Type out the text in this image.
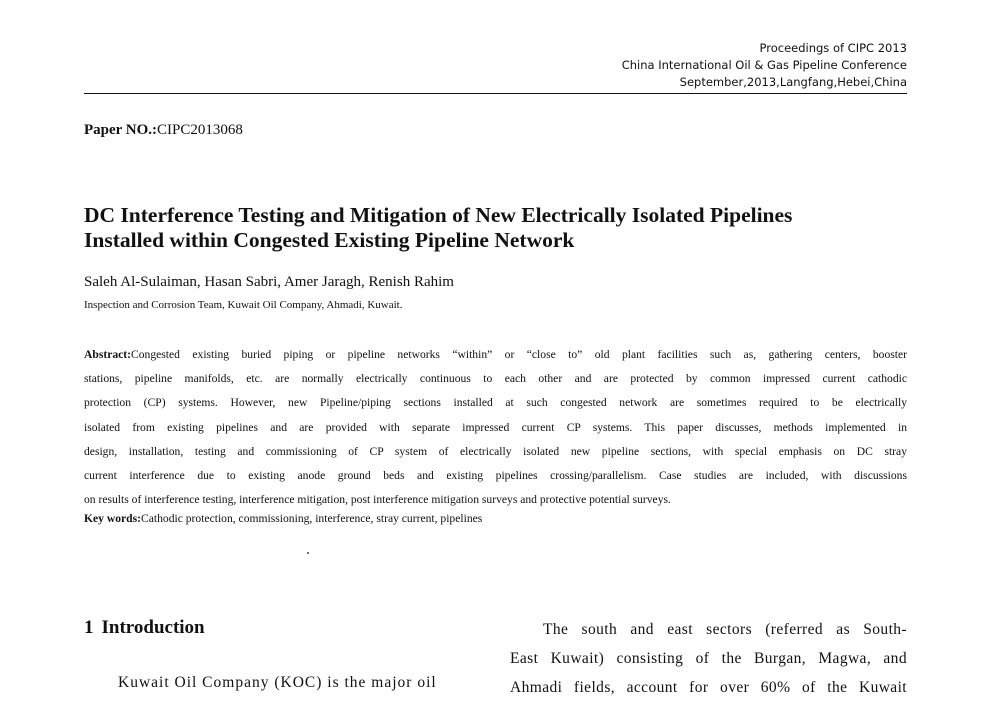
Proceedings of CIPC 2013
China International Oil & Gas Pipeline Conference
September,2013,Langfang,Hebei,China
Paper NO.:CIPC2013068
DC Interference Testing and Mitigation of New Electrically Isolated Pipelines
Installed within Congested Existing Pipeline Network
Saleh Al-Sulaiman, Hasan Sabri, Amer Jaragh, Renish Rahim
Inspection and Corrosion Team, Kuwait Oil Company, Ahmadi, Kuwait.
Abstract:Congested existing buried piping or pipeline networks “within” or “close to” old plant facilities such as, gathering centers, booster
stations, pipeline manifolds, etc. are normally electrically continuous to each other and are protected by common impressed current cathodic
protection (CP) systems. However, new Pipeline/piping sections installed at such congested network are sometimes required to be electrically
isolated from existing pipelines and are provided with separate impressed current CP systems. This paper discusses, methods implemented in
design, installation, testing and commissioning of CP system of electrically isolated new pipeline sections, with special emphasis on DC stray
current interference due to existing anode ground beds and existing pipelines crossing/parallelism. Case studies are included, with discussions
on results of interference testing, interference mitigation, post interference mitigation surveys and protective potential surveys.
Key words:Cathodic protection, commissioning, interference, stray current, pipelines
1 Introduction
Kuwait Oil Company (KOC) is the major oil
The south and east sectors (referred as South-
East Kuwait) consisting of the Burgan, Magwa, and
Ahmadi fields, account for over 60% of the Kuwait
